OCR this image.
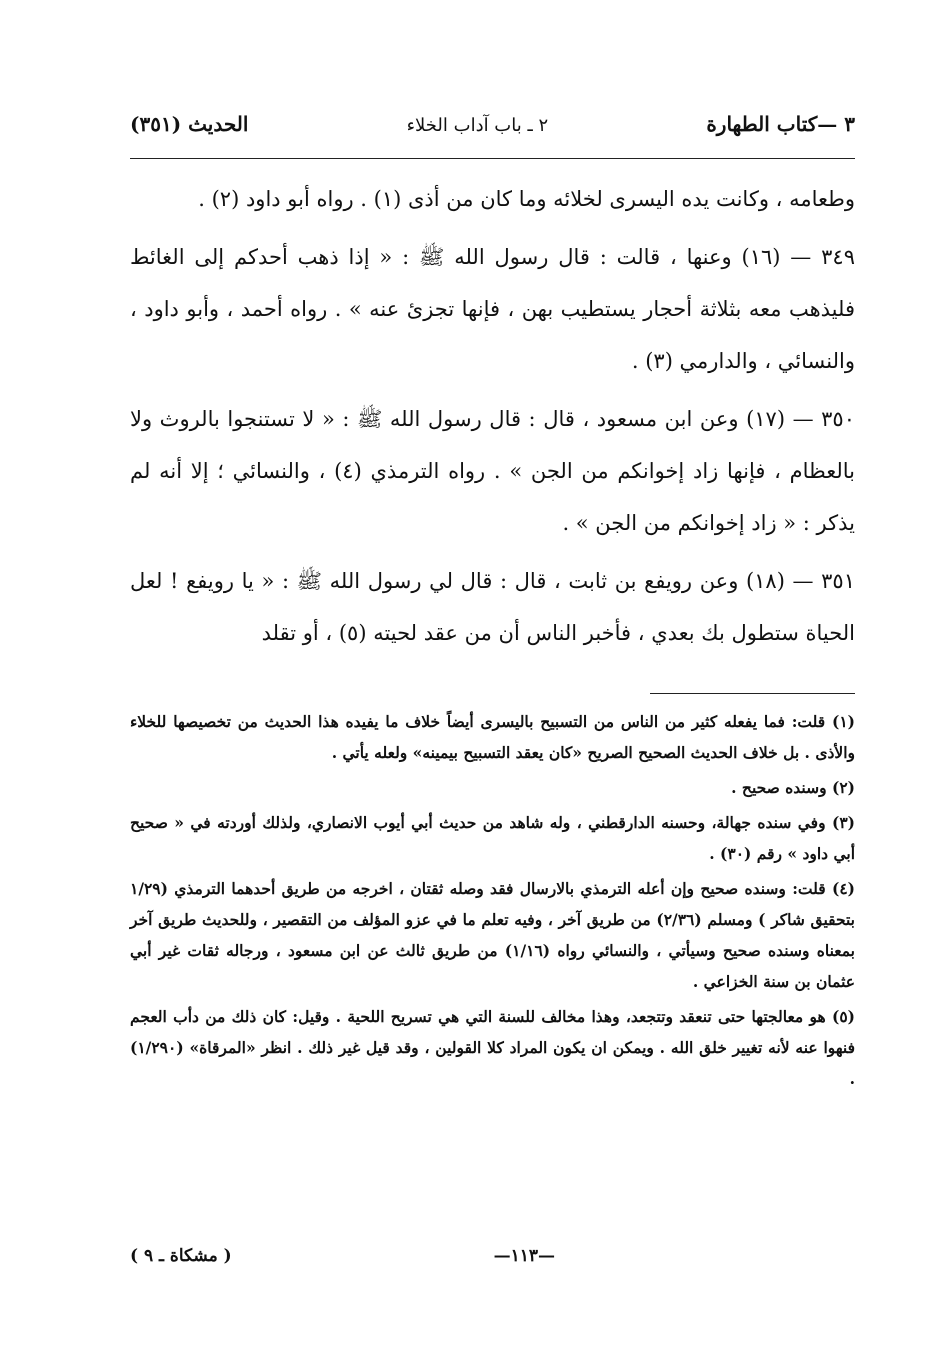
٣ —كتاب الطهارة
٢ ـ باب آداب الخلاء
الحديث (٣٥١)

وطعامه ، وكانت يده اليسرى لخلائه وما كان من أذى (١) . رواه أبو داود (٢) .

٣٤٩ — (١٦) وعنها ، قالت : قال رسول الله ﷺ : « إذا ذهب أحدكم إلى الغائط فليذهب معه بثلاثة أحجار يستطيب بهن ، فإنها تجزئ عنه » . رواه أحمد ، وأبو داود ، والنسائي ، والدارمي (٣) .

٣٥٠ — (١٧) وعن ابن مسعود ، قال : قال رسول الله ﷺ : « لا تستنجوا بالروث ولا بالعظام ، فإنها زاد إخوانكم من الجن » . رواه الترمذي (٤) ، والنسائي ؛ إلا أنه لم يذكر : « زاد إخوانكم من الجن » .

٣٥١ — (١٨) وعن رويفع بن ثابت ، قال : قال لي رسول الله ﷺ : « يا رويفع ! لعل الحياة ستطول بك بعدي ، فأخبر الناس أن من عقد لحيته (٥) ، أو تقلد

(١) قلت: فما يفعله كثير من الناس من التسبيح باليسرى أيضاً خلاف ما يفيده هذا الحديث من تخصيصها للخلاء والأذى . بل خلاف الحديث الصحيح الصريح «كان يعقد التسبيح بيمينه» ولعله يأتي .

(٢) وسنده صحيح .

(٣) وفي سنده جهالة، وحسنه الدارقطني ، وله شاهد من حديث أبي أيوب الانصاري، ولذلك أوردته في « صحيح أبي داود » رقم (٣٠) .

(٤) قلت: وسنده صحيح وإن أعله الترمذي بالارسال فقد وصله ثقتان ، اخرجه من طريق أحدهما الترمذي (١/٢٩ بتحقيق شاكر ) ومسلم (٢/٣٦) من طريق آخر ، وفيه تعلم ما في عزو المؤلف من التقصير ، وللحديث طريق آخر بمعناه وسنده صحيح وسيأتي ، والنسائي رواه (١/١٦) من طريق ثالث عن ابن مسعود ، ورجاله ثقات غير أبي عثمان بن سنة الخزاعي .

(٥) هو معالجتها حتى تنعقد وتتجعد، وهذا مخالف للسنة التي هي تسريح اللحية . وقيل: كان ذلك من دأب العجم فنهوا عنه لأنه تغيير خلق الله . ويمكن ان يكون المراد كلا القولين ، وقد قيل غير ذلك . انظر «المرقاة» (١/٢٩٠) .

—١١٣—
( مشكاة ـ ٩ )
